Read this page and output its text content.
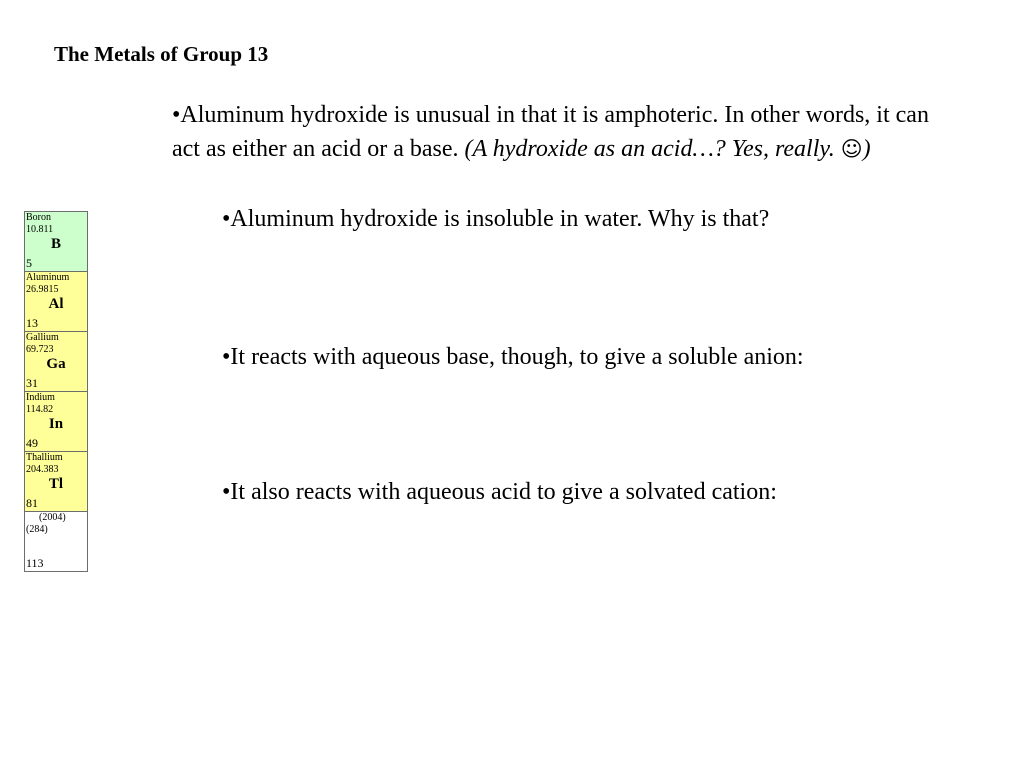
The Metals of Group 13
•Aluminum hydroxide is unusual in that it is amphoteric. In other words, it can act as either an acid or a base. (A hydroxide as an acid…? Yes, really. ☺)
•Aluminum hydroxide is insoluble in water. Why is that?
•It reacts with aqueous base, though, to give a soluble anion:
•It also reacts with aqueous acid to give a solvated cation:
Boron
10.811
B
5
Aluminum
26.9815
Al
13
Gallium
69.723
Ga
31
Indium
114.82
In
49
Thallium
204.383
Tl
81
(2004)
(284)
113
